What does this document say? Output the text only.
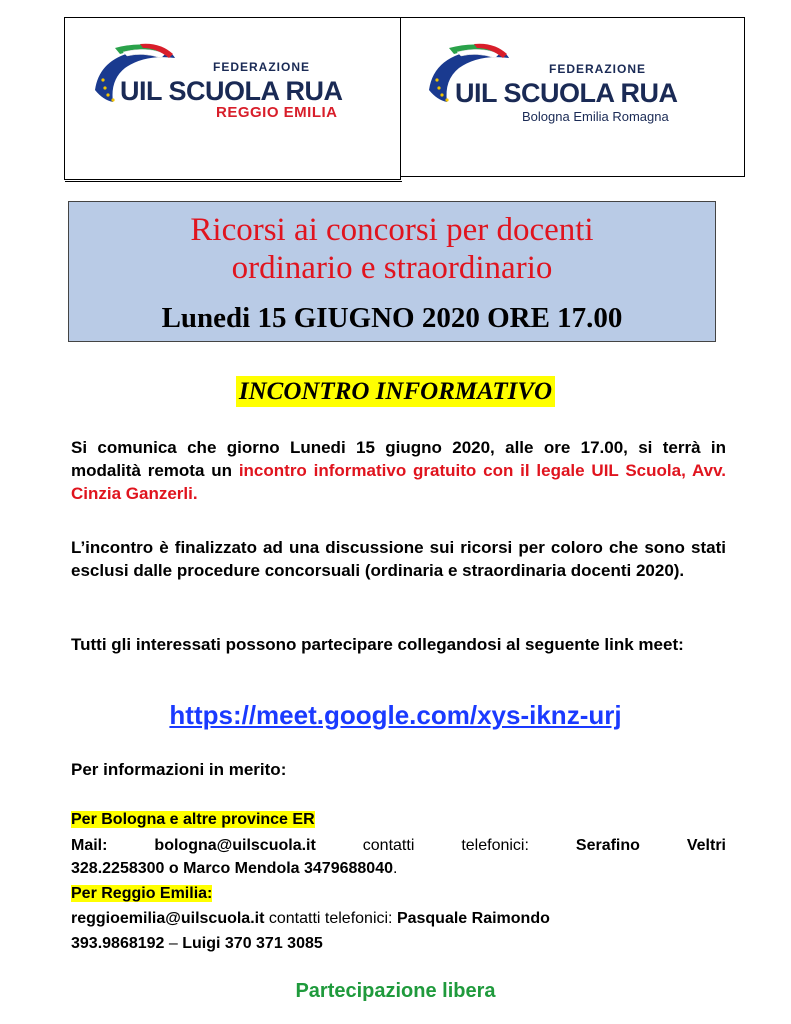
FEDERAZIONE
UIL SCUOLA RUA
REGGIO EMILIA
FEDERAZIONE
UIL SCUOLA RUA
Bologna Emilia Romagna
Ricorsi ai concorsi per docenti
ordinario e straordinario
Lunedi 15 GIUGNO 2020 ORE 17.00
INCONTRO INFORMATIVO
Si comunica che giorno Lunedi 15 giugno 2020, alle ore 17.00, si terrà in modalità remota un incontro informativo gratuito con il legale UIL Scuola, Avv. Cinzia Ganzerli.
L’incontro è finalizzato ad una discussione sui ricorsi per coloro che sono stati esclusi dalle procedure concorsuali (ordinaria e straordinaria docenti 2020).
Tutti gli interessati possono partecipare collegandosi al seguente link meet:
https://meet.google.com/xys-iknz-urj
Per informazioni in merito:
Per Bologna e altre province ER
Mail:	bologna@uilscuola.it	contatti telefonici:	Serafino Veltri
328.2258300 o Marco Mendola 3479688040.
Per Reggio Emilia:
reggioemilia@uilscuola.it contatti telefonici: Pasquale Raimondo
393.9868192 – Luigi 370 371 3085
Partecipazione libera
